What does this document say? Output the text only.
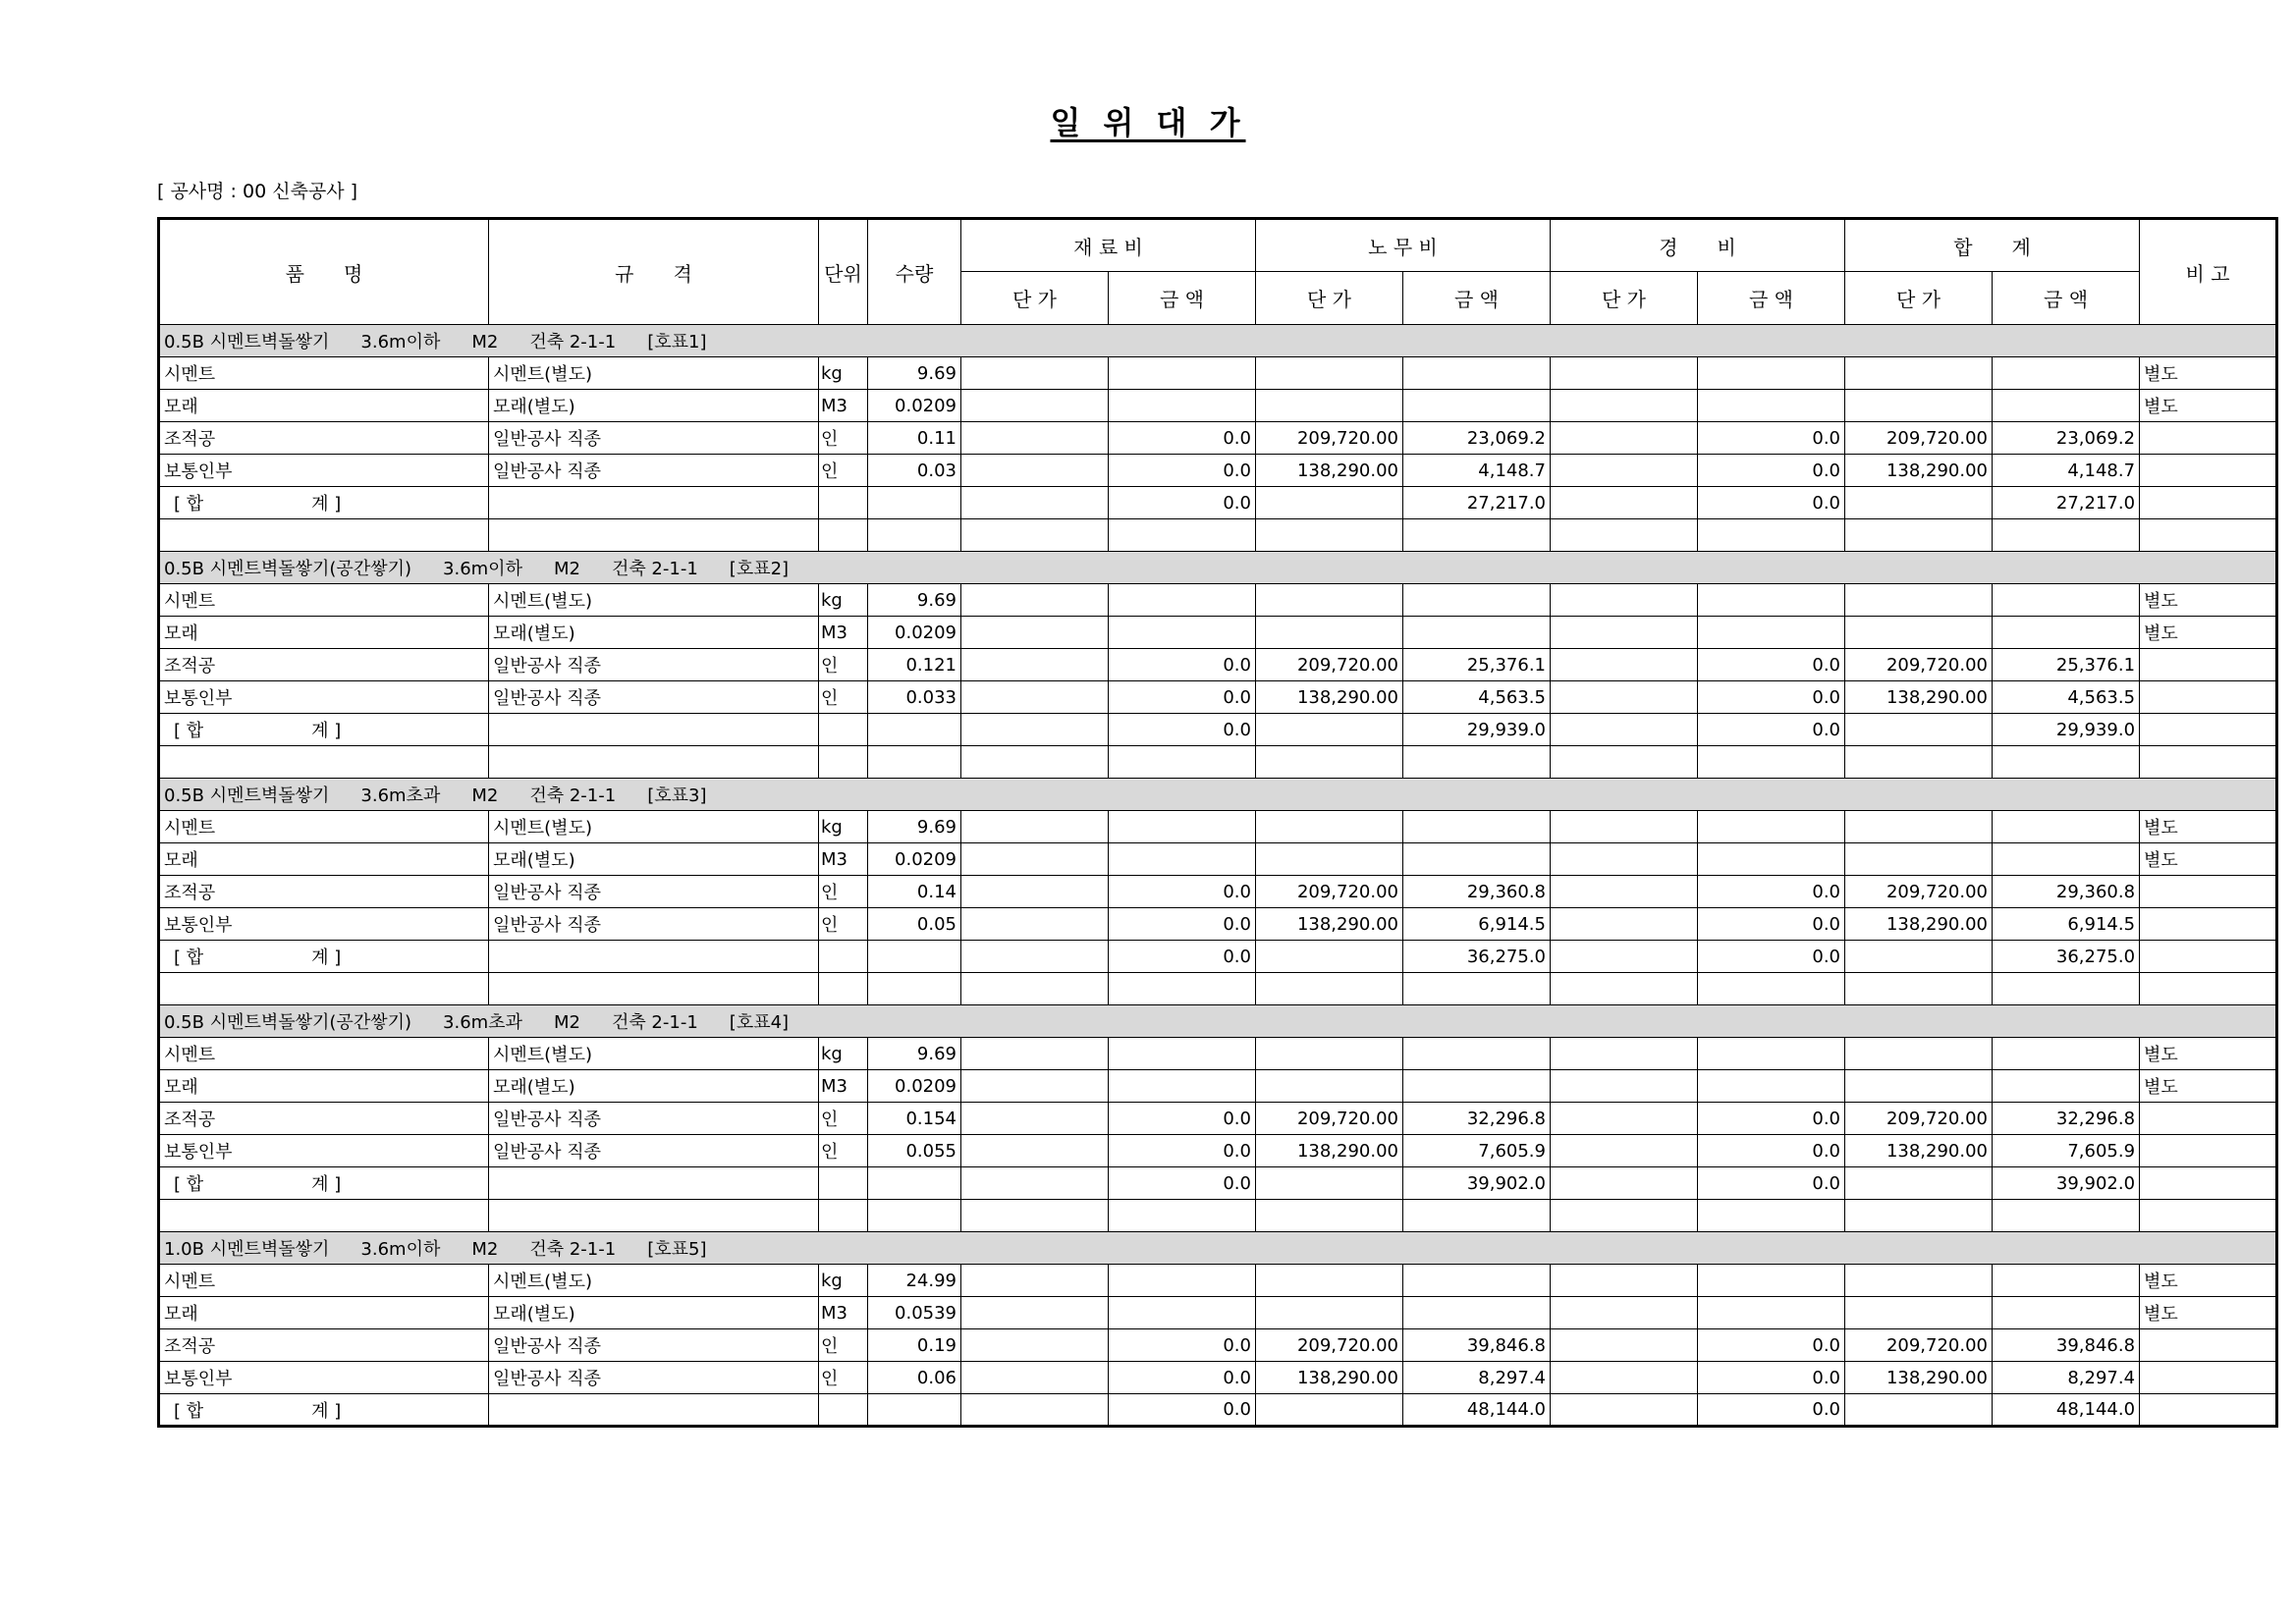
일 위 대 가
[ 공사명 : 00 신축공사 ]
품　　명	규　　격	단위	수량	재 료 비		노 무 비		경　　비		합　　계		비 고
				단 가	금 액	단 가	금 액	단 가	금 액	단 가	금 액	
0.5B 시멘트벽돌쌓기 3.6m이하 M2 건축 2-1-1 [호표1]												
시멘트	시멘트(별도)	kg	9.69									별도
모래	모래(별도)	M3	0.0209									별도
조적공	일반공사 직종	인	0.11		0.0	209,720.00	23,069.2		0.0	209,720.00	23,069.2	
보통인부	일반공사 직종	인	0.03		0.0	138,290.00	4,148.7		0.0	138,290.00	4,148.7	
[ 합 계 ]					0.0		27,217.0		0.0		27,217.0	

0.5B 시멘트벽돌쌓기(공간쌓기) 3.6m이하 M2 건축 2-1-1 [호표2]												
시멘트	시멘트(별도)	kg	9.69									별도
모래	모래(별도)	M3	0.0209									별도
조적공	일반공사 직종	인	0.121		0.0	209,720.00	25,376.1		0.0	209,720.00	25,376.1	
보통인부	일반공사 직종	인	0.033		0.0	138,290.00	4,563.5		0.0	138,290.00	4,563.5	
[ 합 계 ]					0.0		29,939.0		0.0		29,939.0	

0.5B 시멘트벽돌쌓기 3.6m초과 M2 건축 2-1-1 [호표3]												
시멘트	시멘트(별도)	kg	9.69									별도
모래	모래(별도)	M3	0.0209									별도
조적공	일반공사 직종	인	0.14		0.0	209,720.00	29,360.8		0.0	209,720.00	29,360.8	
보통인부	일반공사 직종	인	0.05		0.0	138,290.00	6,914.5		0.0	138,290.00	6,914.5	
[ 합 계 ]					0.0		36,275.0		0.0		36,275.0	

0.5B 시멘트벽돌쌓기(공간쌓기) 3.6m초과 M2 건축 2-1-1 [호표4]												
시멘트	시멘트(별도)	kg	9.69									별도
모래	모래(별도)	M3	0.0209									별도
조적공	일반공사 직종	인	0.154		0.0	209,720.00	32,296.8		0.0	209,720.00	32,296.8	
보통인부	일반공사 직종	인	0.055		0.0	138,290.00	7,605.9		0.0	138,290.00	7,605.9	
[ 합 계 ]					0.0		39,902.0		0.0		39,902.0	

1.0B 시멘트벽돌쌓기 3.6m이하 M2 건축 2-1-1 [호표5]												
시멘트	시멘트(별도)	kg	24.99									별도
모래	모래(별도)	M3	0.0539									별도
조적공	일반공사 직종	인	0.19		0.0	209,720.00	39,846.8		0.0	209,720.00	39,846.8	
보통인부	일반공사 직종	인	0.06		0.0	138,290.00	8,297.4		0.0	138,290.00	8,297.4	
[ 합 계 ]					0.0		48,144.0		0.0		48,144.0	
